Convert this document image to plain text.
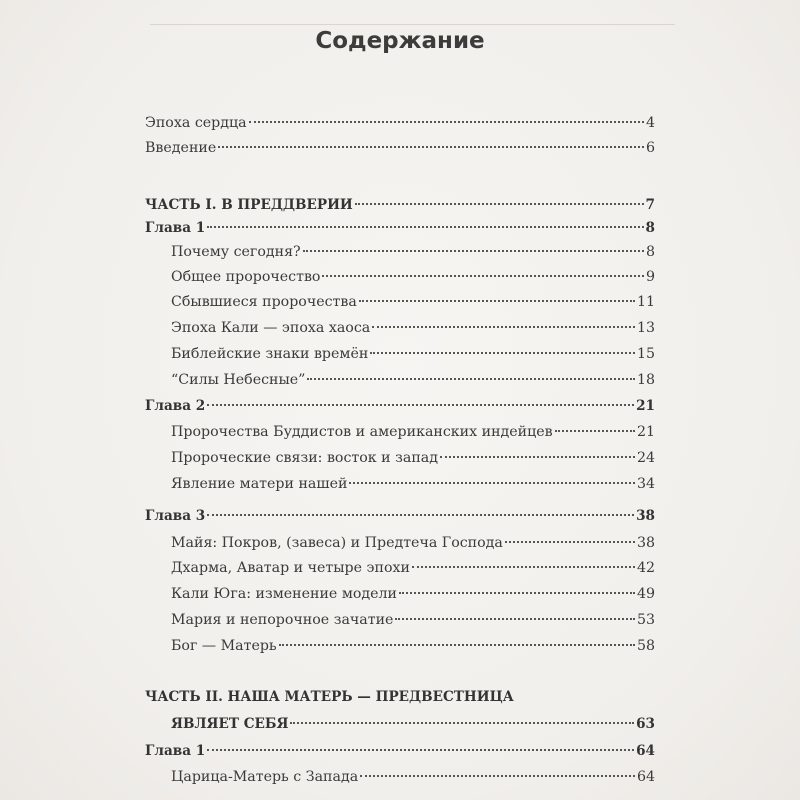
Содержание
Эпоха сердца	4
Введение	6
ЧАСТЬ I. В ПРЕДДВЕРИИ	7
Глава 1	8
Почему сегодня?	8
Общее пророчество	9
Сбывшиеся пророчества	11
Эпоха Кали — эпоха хаоса	13
Библейские знаки времён	15
“Силы Небесные”	18
Глава 2	21
Пророчества Буддистов и американских индейцев	21
Пророческие связи: восток и запад	24
Явление матери нашей	34
Глава 3	38
Майя: Покров, (завеса) и Предтеча Господа	38
Дхарма, Аватар и четыре эпохи	42
Кали Юга: изменение модели	49
Мария и непорочное зачатие	53
Бог — Матерь	58
ЧАСТЬ II. НАША МАТЕРЬ — ПРЕДВЕСТНИЦА
ЯВЛЯЕТ СЕБЯ	63
Глава 1	64
Царица-Матерь с Запада	64
